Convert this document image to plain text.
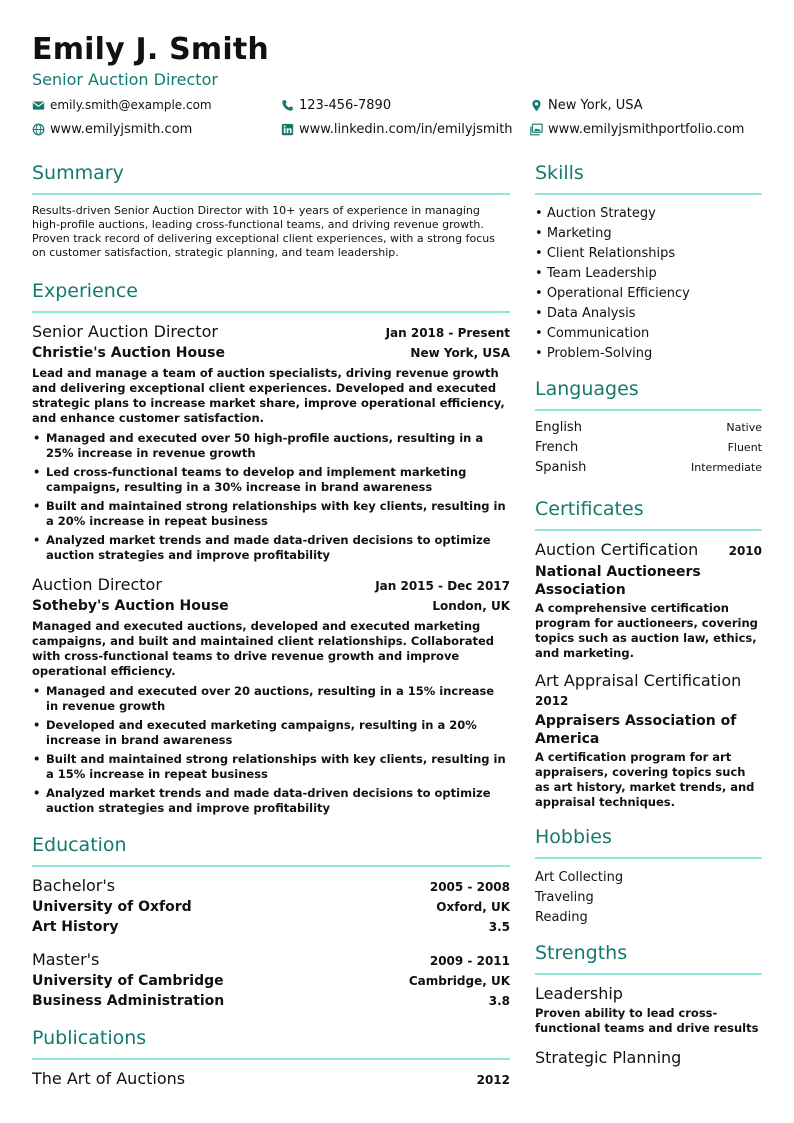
Emily J. Smith
Senior Auction Director
emily.smith@example.com	123-456-7890	New York, USA
www.emilyjsmith.com	www.linkedin.com/in/emilyjsmith	www.emilyjsmithportfolio.com
Summary
Results-driven Senior Auction Director with 10+ years of experience in managing high-profile auctions, leading cross-functional teams, and driving revenue growth. Proven track record of delivering exceptional client experiences, with a strong focus on customer satisfaction, strategic planning, and team leadership.
Experience
Senior Auction Director	Jan 2018 - Present
Christie's Auction House	New York, USA
Lead and manage a team of auction specialists, driving revenue growth and delivering exceptional client experiences. Developed and executed strategic plans to increase market share, improve operational efficiency, and enhance customer satisfaction.
• Managed and executed over 50 high-profile auctions, resulting in a 25% increase in revenue growth
• Led cross-functional teams to develop and implement marketing campaigns, resulting in a 30% increase in brand awareness
• Built and maintained strong relationships with key clients, resulting in a 20% increase in repeat business
• Analyzed market trends and made data-driven decisions to optimize auction strategies and improve profitability
Auction Director	Jan 2015 - Dec 2017
Sotheby's Auction House	London, UK
Managed and executed auctions, developed and executed marketing campaigns, and built and maintained client relationships. Collaborated with cross-functional teams to drive revenue growth and improve operational efficiency.
• Managed and executed over 20 auctions, resulting in a 15% increase in revenue growth
• Developed and executed marketing campaigns, resulting in a 20% increase in brand awareness
• Built and maintained strong relationships with key clients, resulting in a 15% increase in repeat business
• Analyzed market trends and made data-driven decisions to optimize auction strategies and improve profitability
Education
Bachelor's	2005 - 2008
University of Oxford	Oxford, UK
Art History	3.5
Master's	2009 - 2011
University of Cambridge	Cambridge, UK
Business Administration	3.8
Publications
The Art of Auctions	2012
Skills
• Auction Strategy
• Marketing
• Client Relationships
• Team Leadership
• Operational Efficiency
• Data Analysis
• Communication
• Problem-Solving
Languages
English	Native
French	Fluent
Spanish	Intermediate
Certificates
Auction Certification	2010
National Auctioneers Association
A comprehensive certification program for auctioneers, covering topics such as auction law, ethics, and marketing.
Art Appraisal Certification
2012
Appraisers Association of America
A certification program for art appraisers, covering topics such as art history, market trends, and appraisal techniques.
Hobbies
Art Collecting
Traveling
Reading
Strengths
Leadership
Proven ability to lead cross-functional teams and drive results
Strategic Planning
